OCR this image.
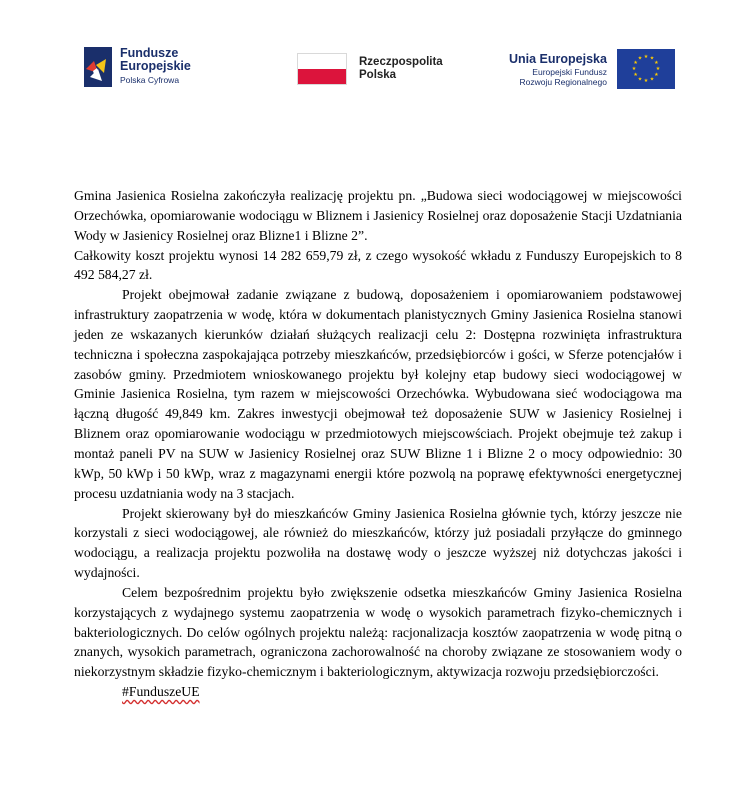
Fundusze
Europejskie
Polska Cyfrowa
Rzeczpospolita
Polska
Unia Europejska
Europejski Fundusz
Rozwoju Regionalnego
★ ★
★
★
★
★
★
★
★
★
★
★

Gmina Jasienica Rosielna zakończyła realizację projektu pn. „Budowa sieci wodociągowej w miejscowości Orzechówka, opomiarowanie wodociągu w Bliznem i Jasienicy Rosielnej oraz doposażenie Stacji Uzdatniania Wody w Jasienicy Rosielnej oraz Blizne1 i Blizne 2”.

Całkowity koszt projektu wynosi 14 282 659,79 zł, z czego wysokość wkładu z Funduszy Europejskich to 8 492 584,27 zł.

Projekt obejmował zadanie związane z budową, doposażeniem i opomiarowaniem podstawowej infrastruktury zaopatrzenia w wodę, która w dokumentach planistycznych Gminy Jasienica Rosielna stanowi jeden ze wskazanych kierunków działań służących realizacji celu 2: Dostępna rozwinięta infrastruktura techniczna i społeczna zaspokajająca potrzeby mieszkańców, przedsiębiorców i gości, w Sferze potencjałów i zasobów gminy. Przedmiotem wnioskowanego projektu był kolejny etap budowy sieci wodociągowej w Gminie Jasienica Rosielna, tym razem w miejscowości Orzechówka. Wybudowana sieć wodociągowa ma łączną długość 49,849 km. Zakres inwestycji obejmował też doposażenie SUW w Jasienicy Rosielnej i Bliznem oraz opomiarowanie wodociągu w przedmiotowych miejscowściach. Projekt obejmuje też zakup i montaż paneli PV na SUW w Jasienicy Rosielnej oraz SUW Blizne 1 i Blizne 2 o mocy odpowiednio: 30 kWp, 50 kWp i 50 kWp, wraz z magazynami energii które pozwolą na poprawę efektywności energetycznej procesu uzdatniania wody na 3 stacjach.

Projekt skierowany był do mieszkańców Gminy Jasienica Rosielna głównie tych, którzy jeszcze nie korzystali z sieci wodociągowej, ale również do mieszkańców, którzy już posiadali przyłącze do gminnego wodociągu, a realizacja projektu pozwoliła na dostawę wody o jeszcze wyższej niż dotychczas jakości i wydajności.

Celem bezpośrednim projektu było zwiększenie odsetka mieszkańców Gminy Jasienica Rosielna korzystających z wydajnego systemu zaopatrzenia w wodę o wysokich parametrach fizyko-chemicznych i bakteriologicznych. Do celów ogólnych projektu należą: racjonalizacja kosztów zaopatrzenia w wodę pitną o znanych, wysokich parametrach, ograniczona zachorowalność na choroby związane ze stosowaniem wody o niekorzystnym składzie fizyko-chemicznym i bakteriologicznym, aktywizacja rozwoju przedsiębiorczości.

#FunduszeUE
